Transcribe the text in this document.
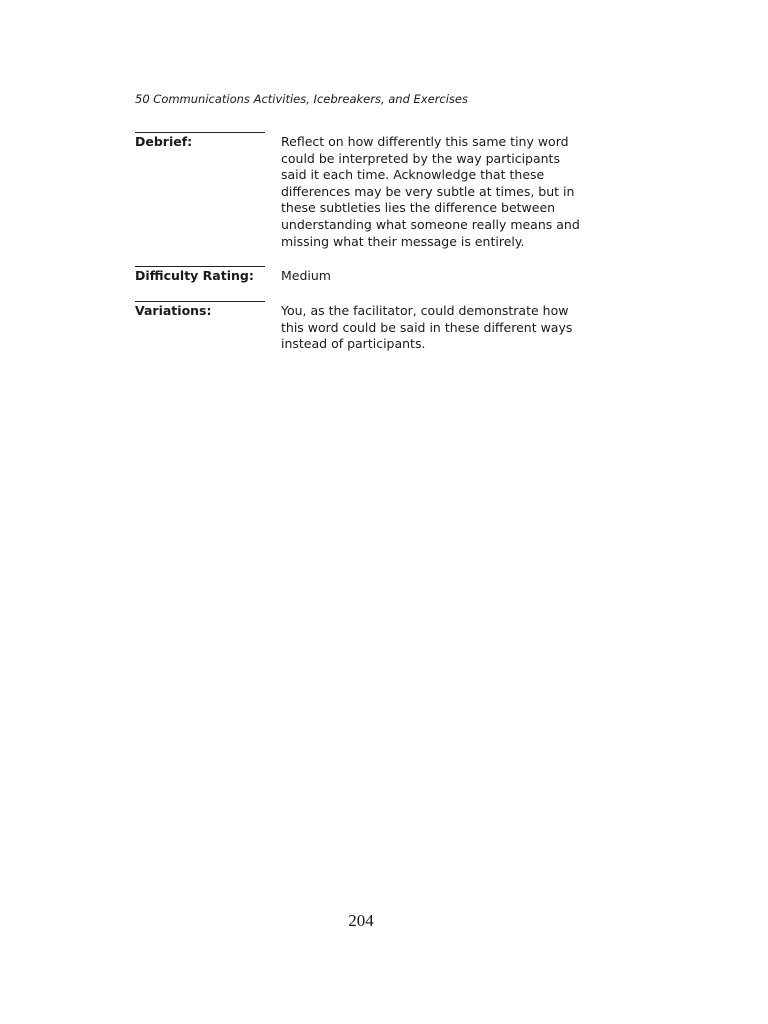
50 Communications Activities, Icebreakers, and Exercises
Debrief:	Reflect on how differently this same tiny word
could be interpreted by the way participants
said it each time. Acknowledge that these
differences may be very subtle at times, but in
these subtleties lies the difference between
understanding what someone really means and
missing what their message is entirely.
Difficulty Rating: Medium
Variations:	You, as the facilitator, could demonstrate how
this word could be said in these different ways
instead of participants.
204
